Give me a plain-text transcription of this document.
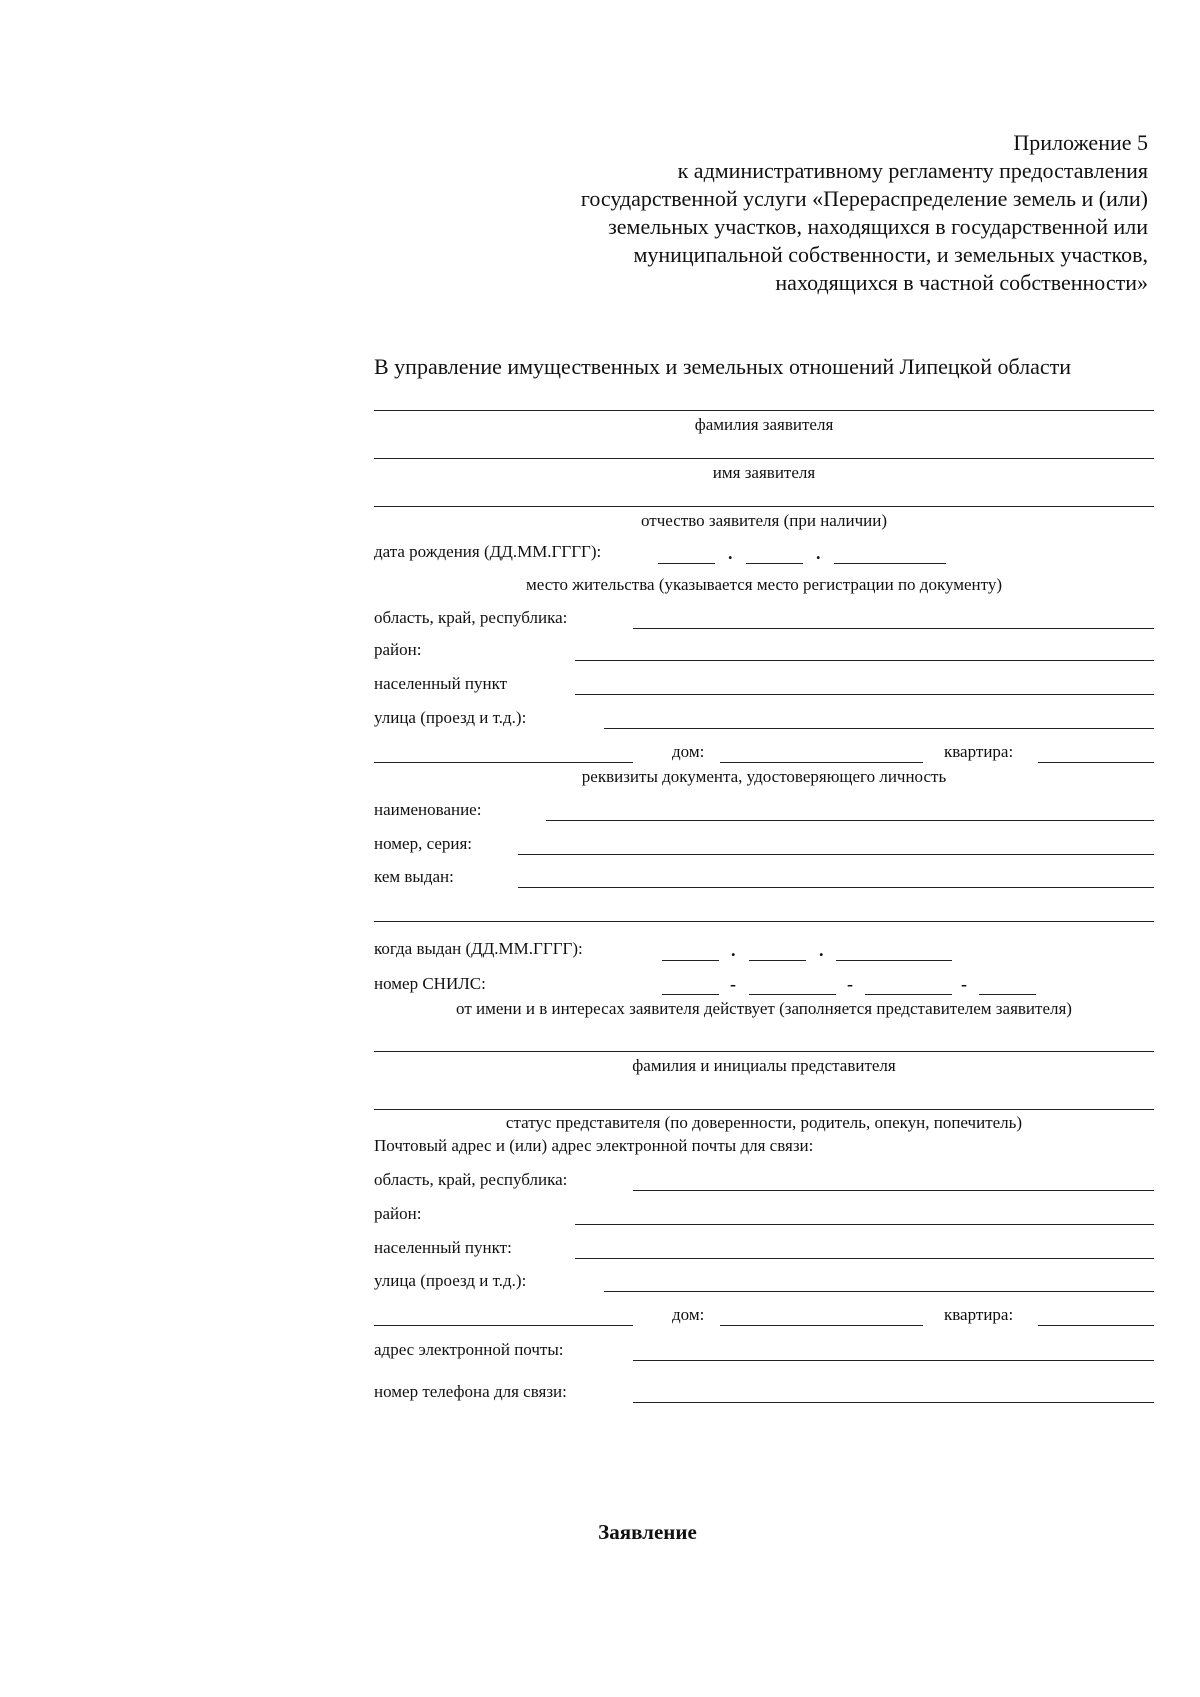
Приложение 5
к административному регламенту предоставления
государственной услуги «Перераспределение земель и (или)
земельных участков, находящихся в государственной или
муниципальной собственности, и земельных участков,
находящихся в частной собственности»
В управление имущественных и земельных отношений Липецкой области
фамилия заявителя
имя заявителя
отчество заявителя (при наличии)
дата рождения (ДД.ММ.ГГГГ):	.	.
место жительства (указывается место регистрации по документу)
область, край, республика:
район:
населенный пункт
улица (проезд и т.д.):
дом:	квартира:
реквизиты документа, удостоверяющего личность
наименование:
номер, серия:
кем выдан:
когда выдан (ДД.ММ.ГГГГ):	.	.
номер СНИЛС:	-	-	-
от имени и в интересах заявителя действует (заполняется представителем заявителя)
фамилия и инициалы представителя
статус представителя (по доверенности, родитель, опекун, попечитель)
Почтовый адрес и (или) адрес электронной почты для связи:
область, край, республика:
район:
населенный пункт:
улица (проезд и т.д.):
дом:	квартира:
адрес электронной почты:
номер телефона для связи:
Заявление
